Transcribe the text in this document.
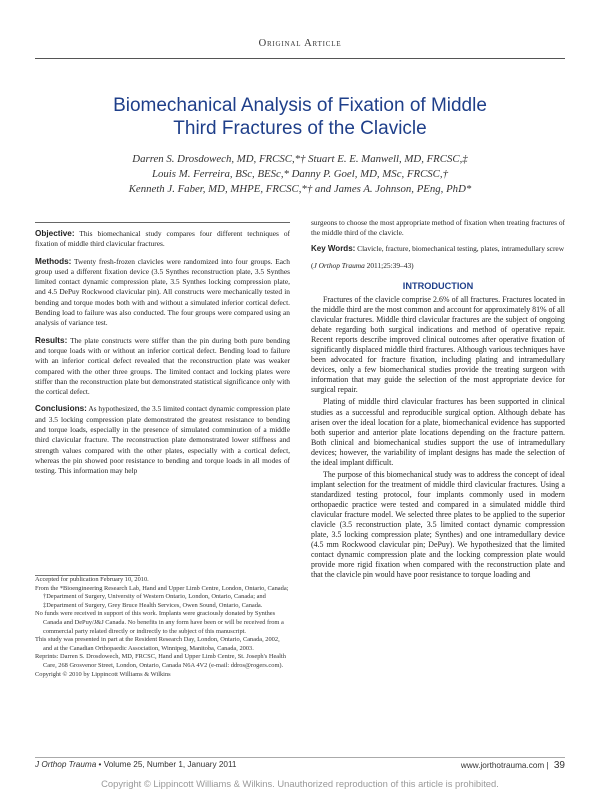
Original Article
Biomechanical Analysis of Fixation of Middle
Third Fractures of the Clavicle
Darren S. Drosdowech, MD, FRCSC,*† Stuart E. E. Manwell, MD, FRCSC,‡
Louis M. Ferreira, BSc, BESc,* Danny P. Goel, MD, MSc, FRCSC,†
Kenneth J. Faber, MD, MHPE, FRCSC,*† and James A. Johnson, PEng, PhD*

Objective: This biomechanical study compares four different techniques of fixation of middle third clavicular fractures.

Methods: Twenty fresh-frozen clavicles were randomized into four groups. Each group used a different fixation device (3.5 Synthes reconstruction plate, 3.5 Synthes limited contact dynamic compression plate, 3.5 Synthes locking compression plate, and 4.5 DePuy Rockwood clavicular pin). All constructs were mechanically tested in bending and torque modes both with and without a simulated inferior cortical defect. Bending load to failure was also conducted. The four groups were compared using an analysis of variance test.

Results: The plate constructs were stiffer than the pin during both pure bending and torque loads with or without an inferior cortical defect. Bending load to failure with an inferior cortical defect revealed that the reconstruction plate was weaker compared with the other three groups. The limited contact and locking plates were stiffer than the reconstruction plate but demonstrated statistical significance only with the cortical defect.

Conclusions: As hypothesized, the 3.5 limited contact dynamic compression plate and 3.5 locking compression plate demonstrated the greatest resistance to bending and torque loads, especially in the presence of simulated comminution of a middle third clavicular fracture. The reconstruction plate demonstrated lower stiffness and strength values compared with the other plates, especially with a cortical defect, whereas the pin showed poor resistance to bending and torque loads in all modes of testing. This information may help

Accepted for publication February 10, 2010.
From the *Bioengineering Research Lab, Hand and Upper Limb Centre, London, Ontario, Canada; †Department of Surgery, University of Western Ontario, London, Ontario, Canada; and ‡Department of Surgery, Grey Bruce Health Services, Owen Sound, Ontario, Canada.
No funds were received in support of this work. Implants were graciously donated by Synthes Canada and DePuy/J&J Canada. No benefits in any form have been or will be received from a commercial party related directly or indirectly to the subject of this manuscript.
This study was presented in part at the Resident Research Day, London, Ontario, Canada, 2002, and at the Canadian Orthopaedic Association, Winnipeg, Manitoba, Canada, 2003.
Reprints: Darren S. Drosdowech, MD, FRCSC, Hand and Upper Limb Centre, St. Joseph's Health Care, 268 Grosvenor Street, London, Ontario, Canada N6A 4V2 (e-mail: ddros@rogers.com).
Copyright © 2010 by Lippincott Williams & Wilkins

surgeons to choose the most appropriate method of fixation when treating fractures of the middle third of the clavicle.

Key Words: Clavicle, fracture, biomechanical testing, plates, intramedullary screw

(J Orthop Trauma 2011;25:39–43)

INTRODUCTION

Fractures of the clavicle comprise 2.6% of all fractures. Fractures located in the middle third are the most common and account for approximately 81% of all clavicular fractures. Middle third clavicular fractures are the subject of ongoing debate regarding both surgical indications and method of operative repair. Recent reports describe improved clinical outcomes after operative fixation of significantly displaced middle third fractures. Although various techniques have been advocated for fracture fixation, including plating and intramedullary devices, only a few biomechanical studies provide the treating surgeon with information that may guide the selection of the most appropriate device for surgical repair.

Plating of middle third clavicular fractures has been supported in clinical studies as a successful and reproducible surgical option. Although debate has arisen over the ideal location for a plate, biomechanical evidence has supported both superior and anterior plate locations depending on the fracture pattern. Both clinical and biomechanical studies support the use of intramedullary devices; however, the variability of implant designs has made the selection of the ideal implant difficult.

The purpose of this biomechanical study was to address the concept of ideal implant selection for the treatment of middle third clavicular fractures. Using a standardized testing protocol, four implants commonly used in modern orthopaedic practice were tested and compared in a simulated middle third clavicular fracture model. We selected three plates to be applied to the superior clavicle (3.5 reconstruction plate, 3.5 limited contact dynamic compression plate, 3.5 locking compression plate; Synthes) and one intramedullary device (4.5 mm Rockwood clavicular pin; DePuy). We hypothesized that the limited contact dynamic compression plate and the locking compression plate would provide more rigid fixation when compared with the reconstruction plate and that the clavicle pin would have poor resistance to torque loading and

J Orthop Trauma • Volume 25, Number 1, January 2011	www.jorthotrauma.com | 39
Copyright © Lippincott Williams & Wilkins. Unauthorized reproduction of this article is prohibited.
